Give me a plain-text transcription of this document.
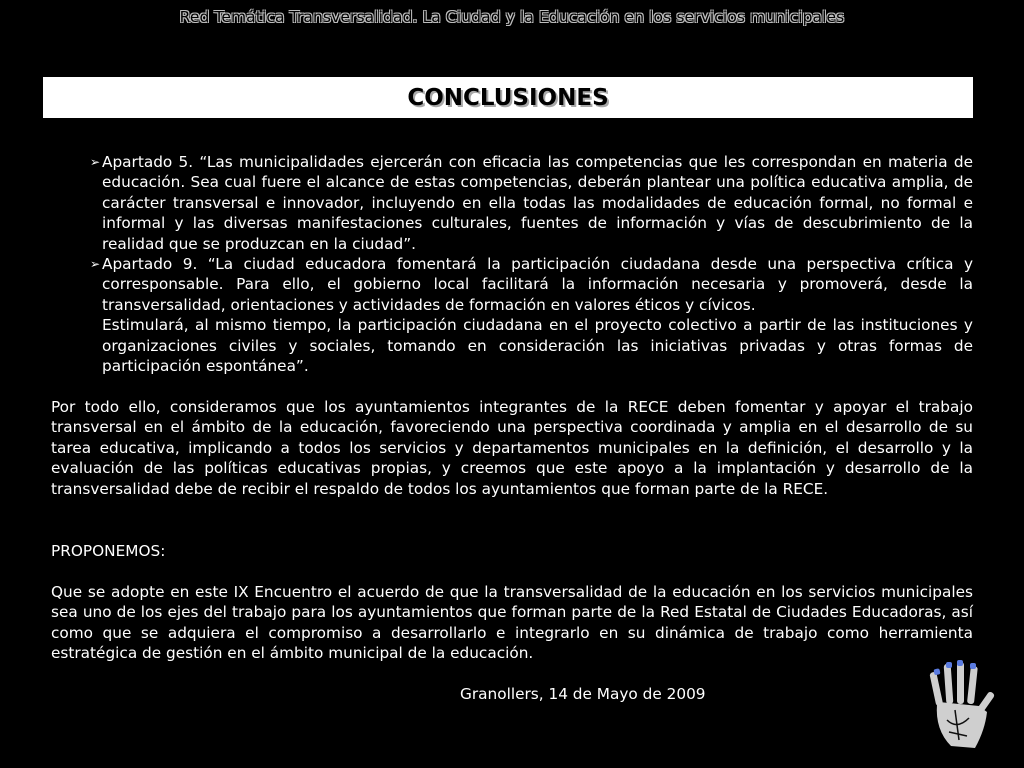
Red Temática Transversalidad. La Ciudad y la Educación en los servicios municipales
CONCLUSIONES

➢ Apartado 5. “Las municipalidades ejercerán con eficacia las competencias que les correspondan en materia de educación. Sea cual fuere el alcance de estas competencias, deberán plantear una política educativa amplia, de carácter transversal e innovador, incluyendo en ella todas las modalidades de educación formal, no formal e informal y las diversas manifestaciones culturales, fuentes de información y vías de descubrimiento de la realidad que se produzcan en la ciudad”.

➢ Apartado 9. “La ciudad educadora fomentará la participación ciudadana desde una perspectiva crítica y corresponsable. Para ello, el gobierno local facilitará la información necesaria y promoverá, desde la transversalidad, orientaciones y actividades de formación en valores éticos y cívicos.

Estimulará, al mismo tiempo, la participación ciudadana en el proyecto colectivo a partir de las instituciones y organizaciones civiles y sociales, tomando en consideración las iniciativas privadas y otras formas de participación espontánea”.

Por todo ello, consideramos que los ayuntamientos integrantes de la RECE deben fomentar y apoyar el trabajo transversal en el ámbito de la educación, favoreciendo una perspectiva coordinada y amplia en el desarrollo de su tarea educativa, implicando a todos los servicios y departamentos municipales en la definición, el desarrollo y la evaluación de las políticas educativas propias, y creemos que este apoyo a la implantación y desarrollo de la transversalidad debe de recibir el respaldo de todos los ayuntamientos que forman parte de la RECE.

PROPONEMOS:

Que se adopte en este IX Encuentro el acuerdo de que la transversalidad de la educación en los servicios municipales sea uno de los ejes del trabajo para los ayuntamientos que forman parte de la Red Estatal de Ciudades Educadoras, así como que se adquiera el compromiso a desarrollarlo e integrarlo en su dinámica de trabajo como herramienta estratégica de gestión en el ámbito municipal de la educación.

Granollers, 14 de Mayo de 2009
